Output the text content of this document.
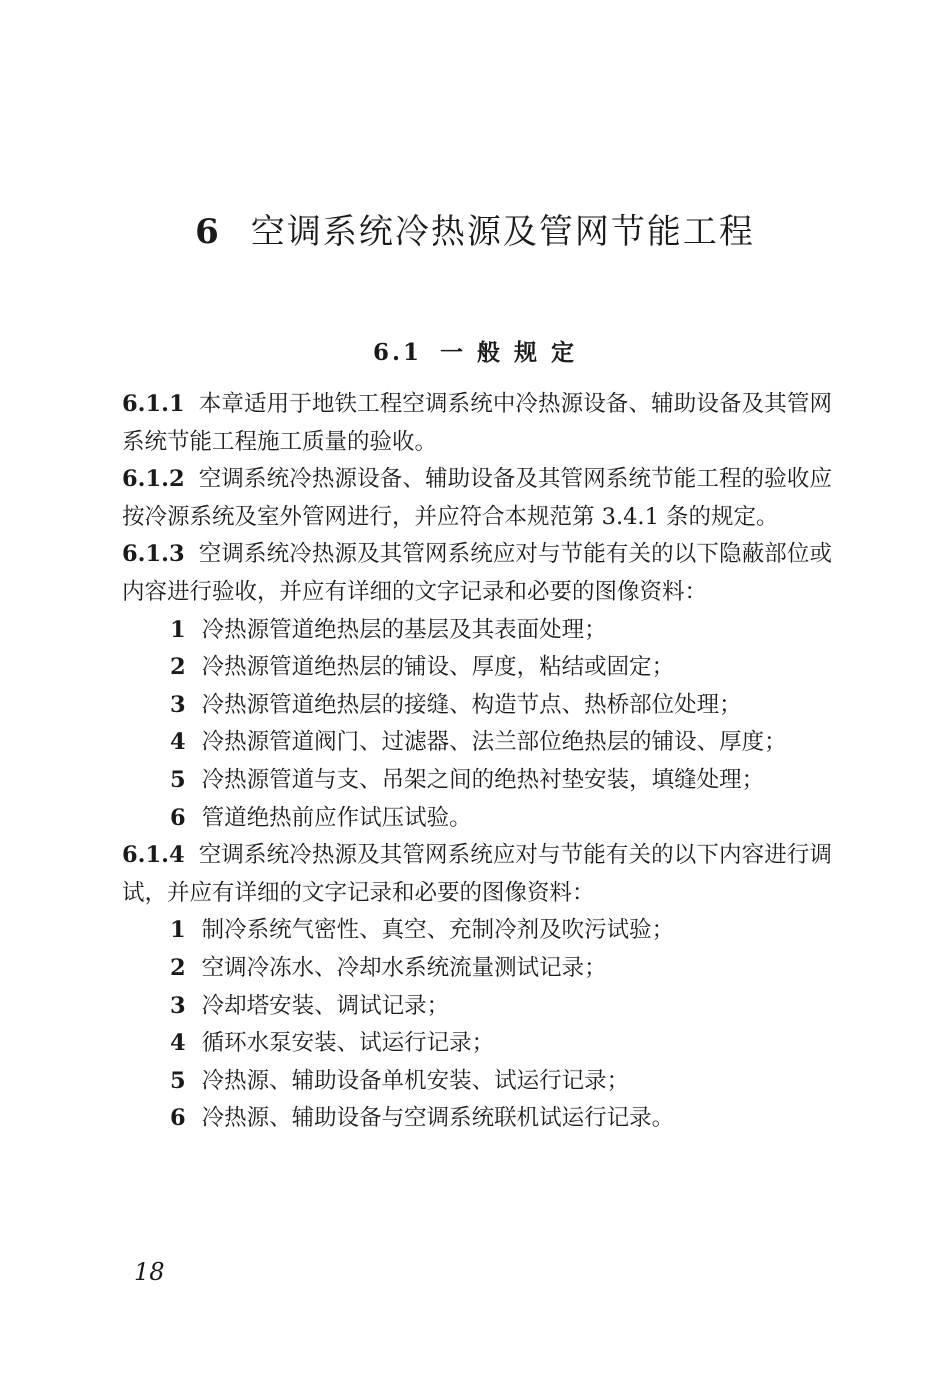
6 空调系统冷热源及管网节能工程
6.1 一 般 规 定

6.1.1 本章适用于地铁工程空调系统中冷热源设备、辅助设备及其管网系统节能工程施工质量的验收。

6.1.2 空调系统冷热源设备、辅助设备及其管网系统节能工程的验收应按冷源系统及室外管网进行，并应符合本规范第 3.4.1 条的规定。

6.1.3 空调系统冷热源及其管网系统应对与节能有关的以下隐蔽部位或内容进行验收，并应有详细的文字记录和必要的图像资料：

1 冷热源管道绝热层的基层及其表面处理；

2 冷热源管道绝热层的铺设、厚度，粘结或固定；

3 冷热源管道绝热层的接缝、构造节点、热桥部位处理；

4 冷热源管道阀门、过滤器、法兰部位绝热层的铺设、厚度；

5 冷热源管道与支、吊架之间的绝热衬垫安装，填缝处理；

6 管道绝热前应作试压试验。

6.1.4 空调系统冷热源及其管网系统应对与节能有关的以下内容进行调试，并应有详细的文字记录和必要的图像资料：

1 制冷系统气密性、真空、充制冷剂及吹污试验；

2 空调冷冻水、冷却水系统流量测试记录；

3 冷却塔安装、调试记录；

4 循环水泵安装、试运行记录；

5 冷热源、辅助设备单机安装、试运行记录；

6 冷热源、辅助设备与空调系统联机试运行记录。

18
